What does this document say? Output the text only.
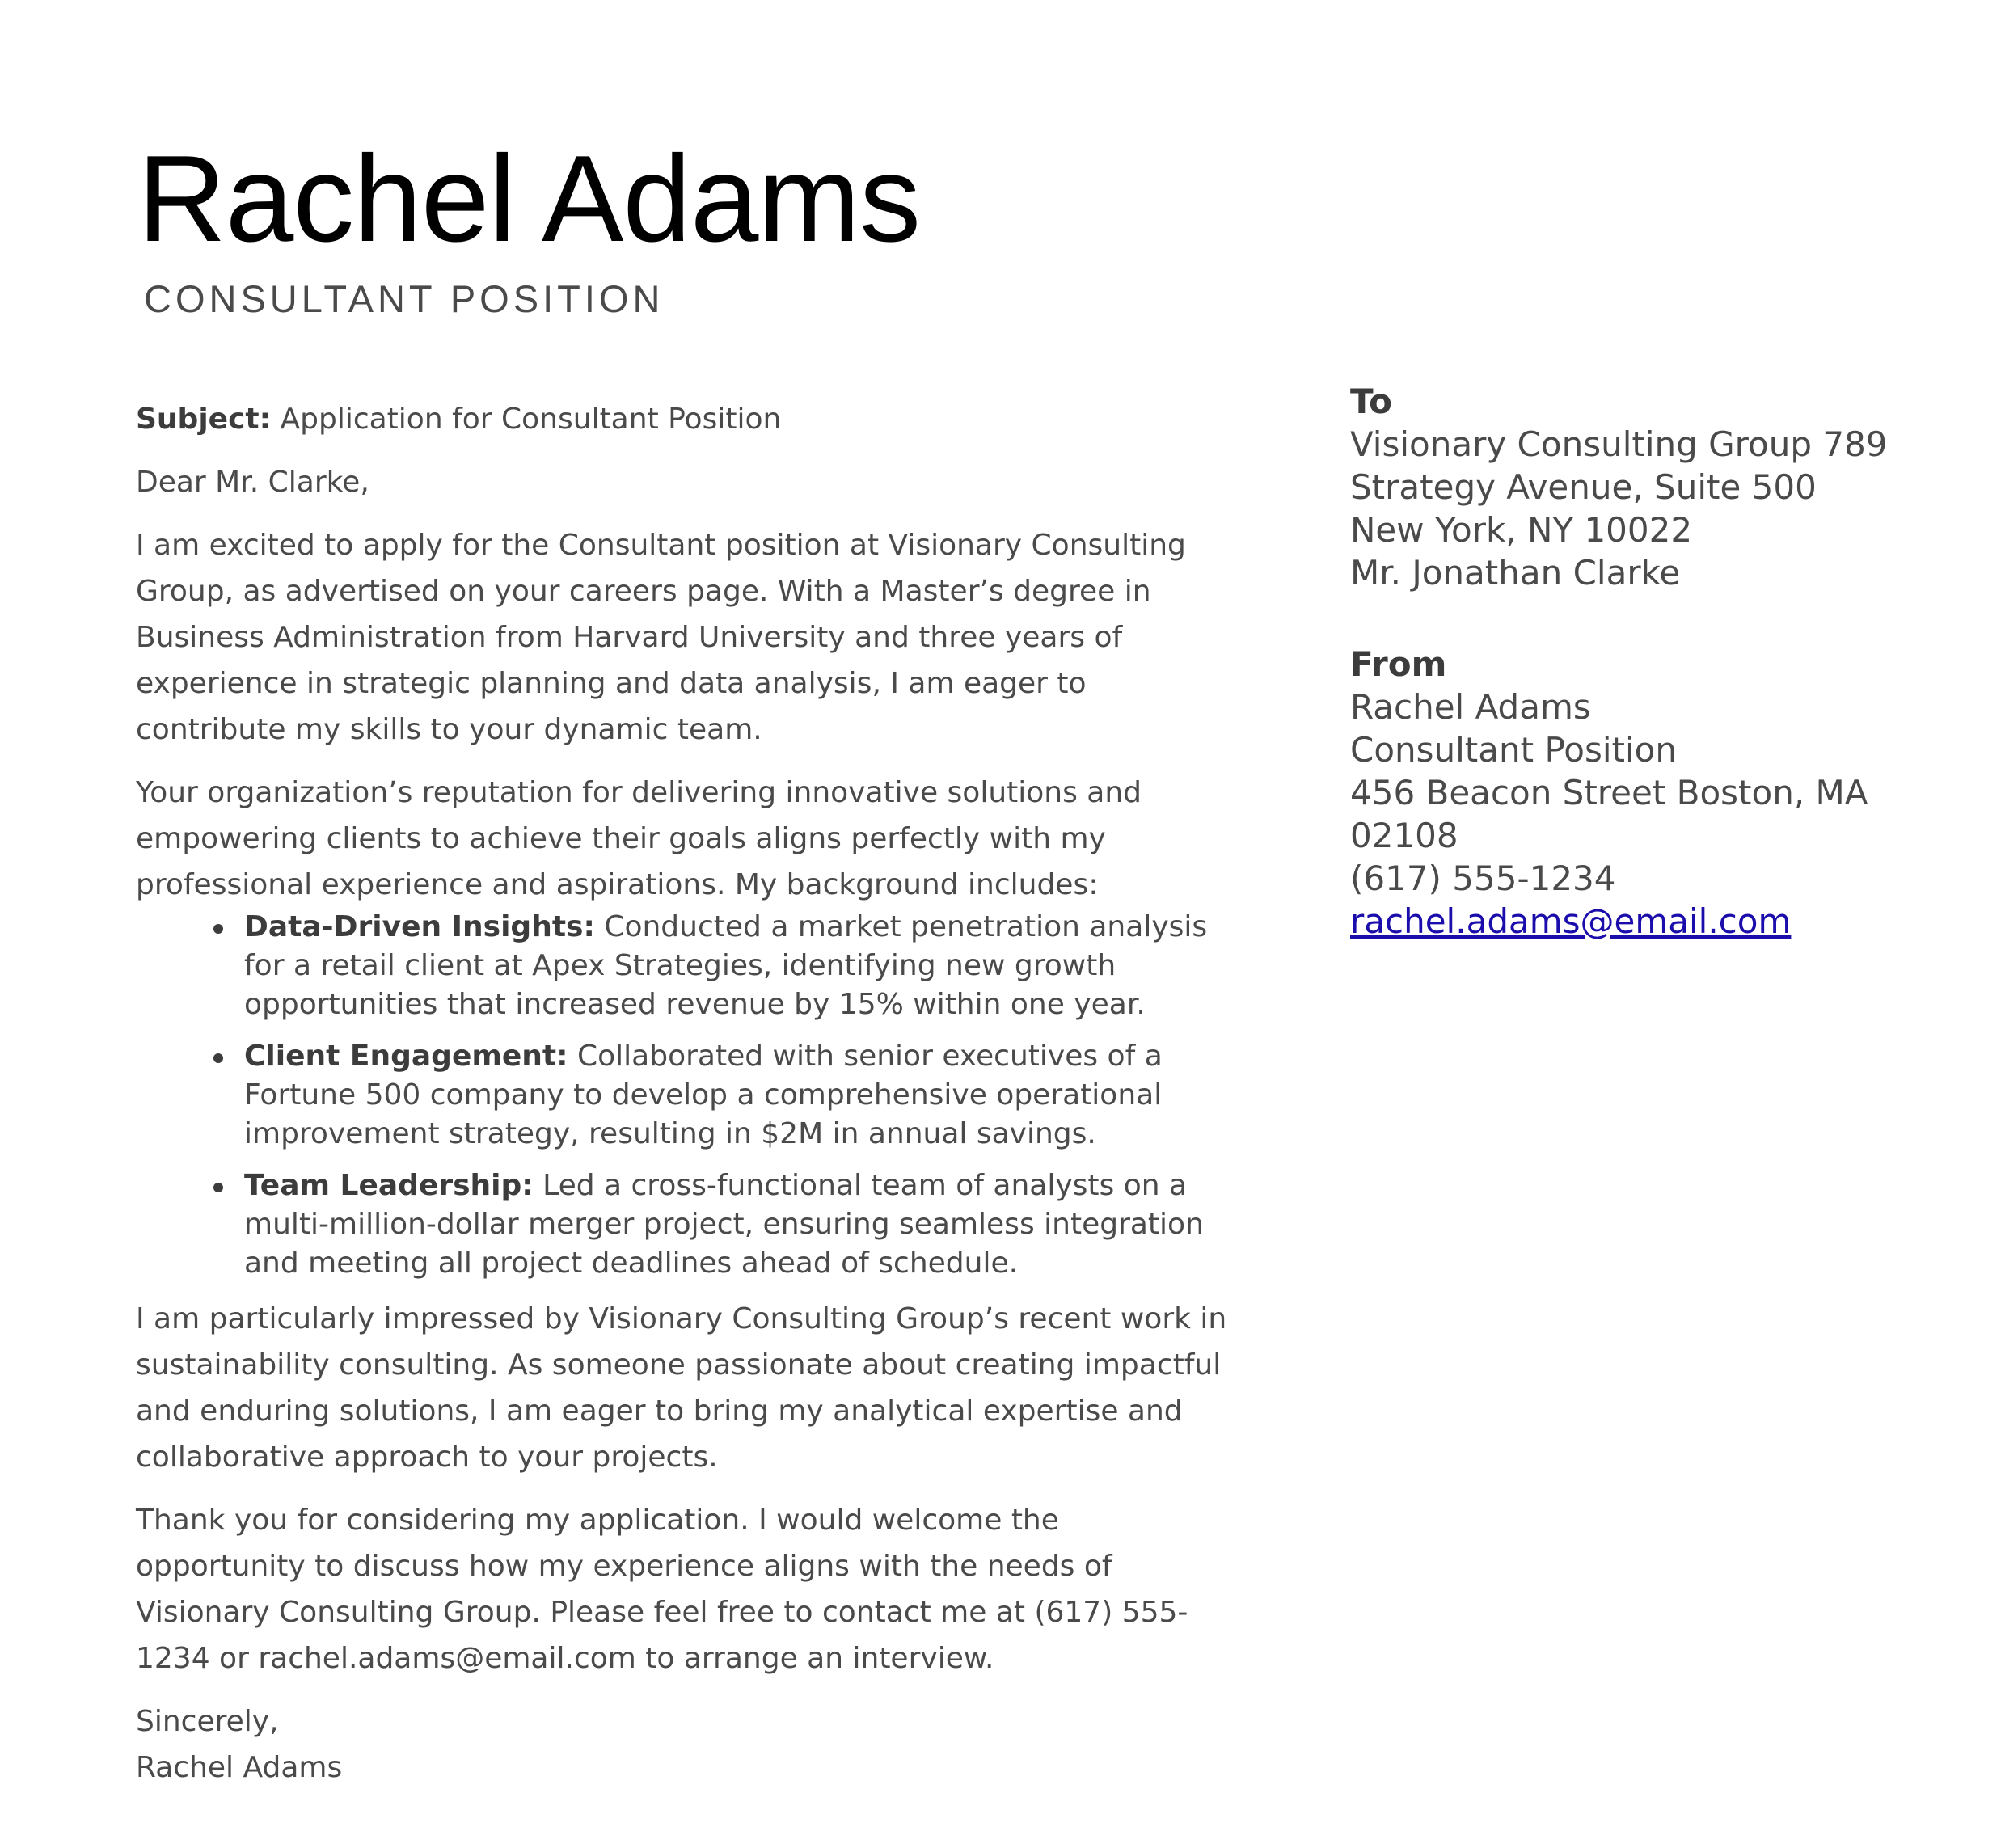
Rachel Adams
CONSULTANT POSITION

Subject: Application for Consultant Position

Dear Mr. Clarke,

I am excited to apply for the Consultant position at Visionary Consulting Group, as advertised on your careers page. With a Master’s degree in Business Administration from Harvard University and three years of experience in strategic planning and data analysis, I am eager to contribute my skills to your dynamic team.

Your organization’s reputation for delivering innovative solutions and empowering clients to achieve their goals aligns perfectly with my professional experience and aspirations. My background includes:

Data-Driven Insights: Conducted a market penetration analysis for a retail client at Apex Strategies, identifying new growth opportunities that increased revenue by 15% within one year.
Client Engagement: Collaborated with senior executives of a Fortune 500 company to develop a comprehensive operational improvement strategy, resulting in $2M in annual savings.
Team Leadership: Led a cross-functional team of analysts on a multi-million-dollar merger project, ensuring seamless integration and meeting all project deadlines ahead of schedule.

I am particularly impressed by Visionary Consulting Group’s recent work in sustainability consulting. As someone passionate about creating impactful and enduring solutions, I am eager to bring my analytical expertise and collaborative approach to your projects.

Thank you for considering my application. I would welcome the opportunity to discuss how my experience aligns with the needs of Visionary Consulting Group. Please feel free to contact me at (617) 555-1234 or rachel.adams@email.com to arrange an interview.

Sincerely,

Rachel Adams

To
Visionary Consulting Group 789 Strategy Avenue, Suite 500 New York, NY 10022
Mr. Jonathan Clarke
From
Rachel Adams
Consultant Position
456 Beacon Street Boston, MA 02108
(617) 555-1234
rachel.adams@email.com
